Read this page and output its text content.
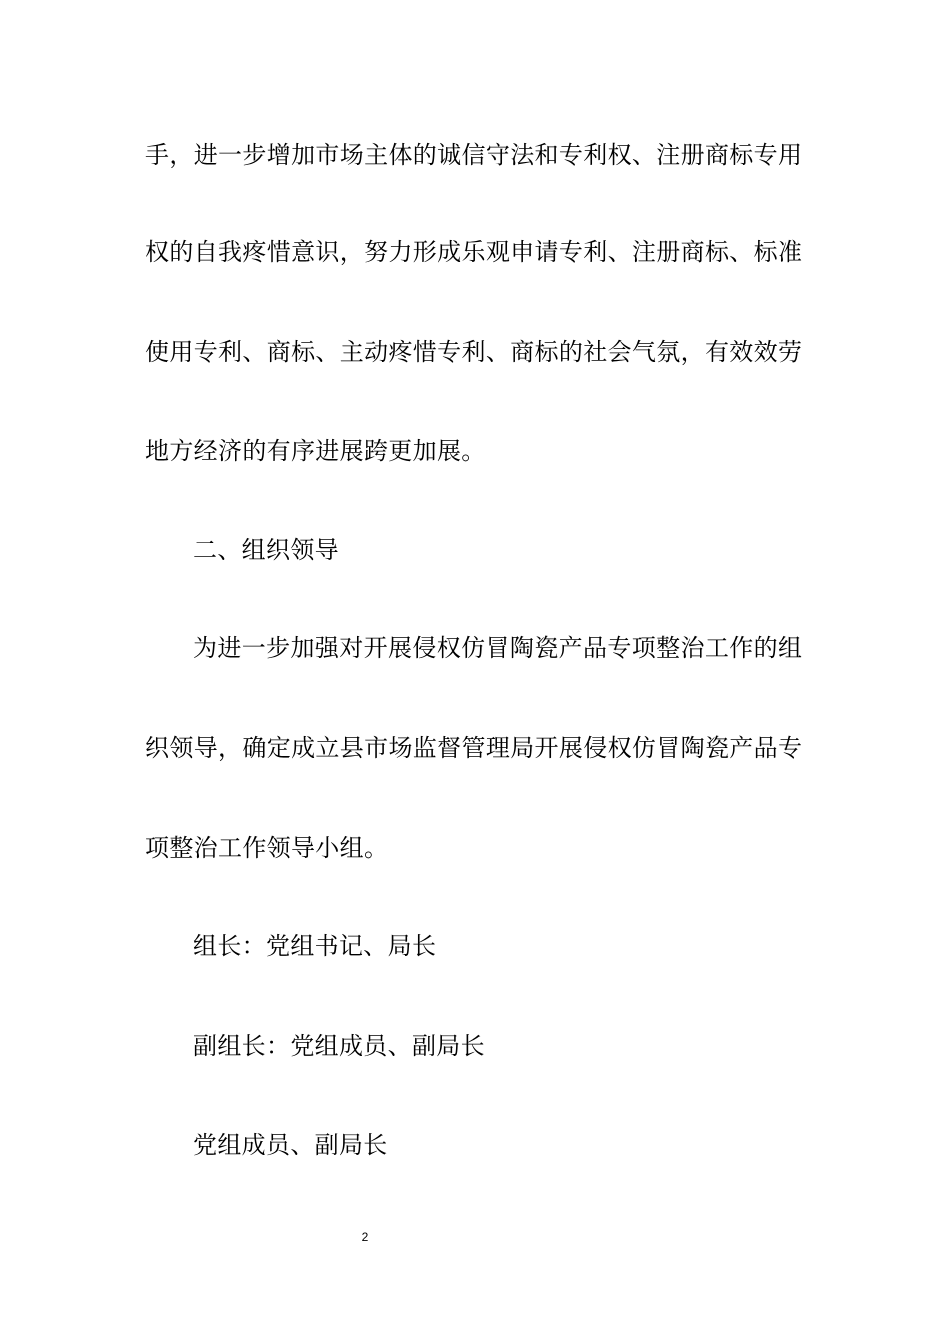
手，进一步增加市场主体的诚信守法和专利权、注册商标专用
权的自我疼惜意识，努力形成乐观申请专利、注册商标、标准
使用专利、商标、主动疼惜专利、商标的社会气氛，有效效劳
地方经济的有序进展跨更加展。
二、组织领导
为进一步加强对开展侵权仿冒陶瓷产品专项整治工作的组
织领导，确定成立县市场监督管理局开展侵权仿冒陶瓷产品专
项整治工作领导小组。
组长：党组书记、局长
副组长：党组成员、副局长
党组成员、副局长
2
